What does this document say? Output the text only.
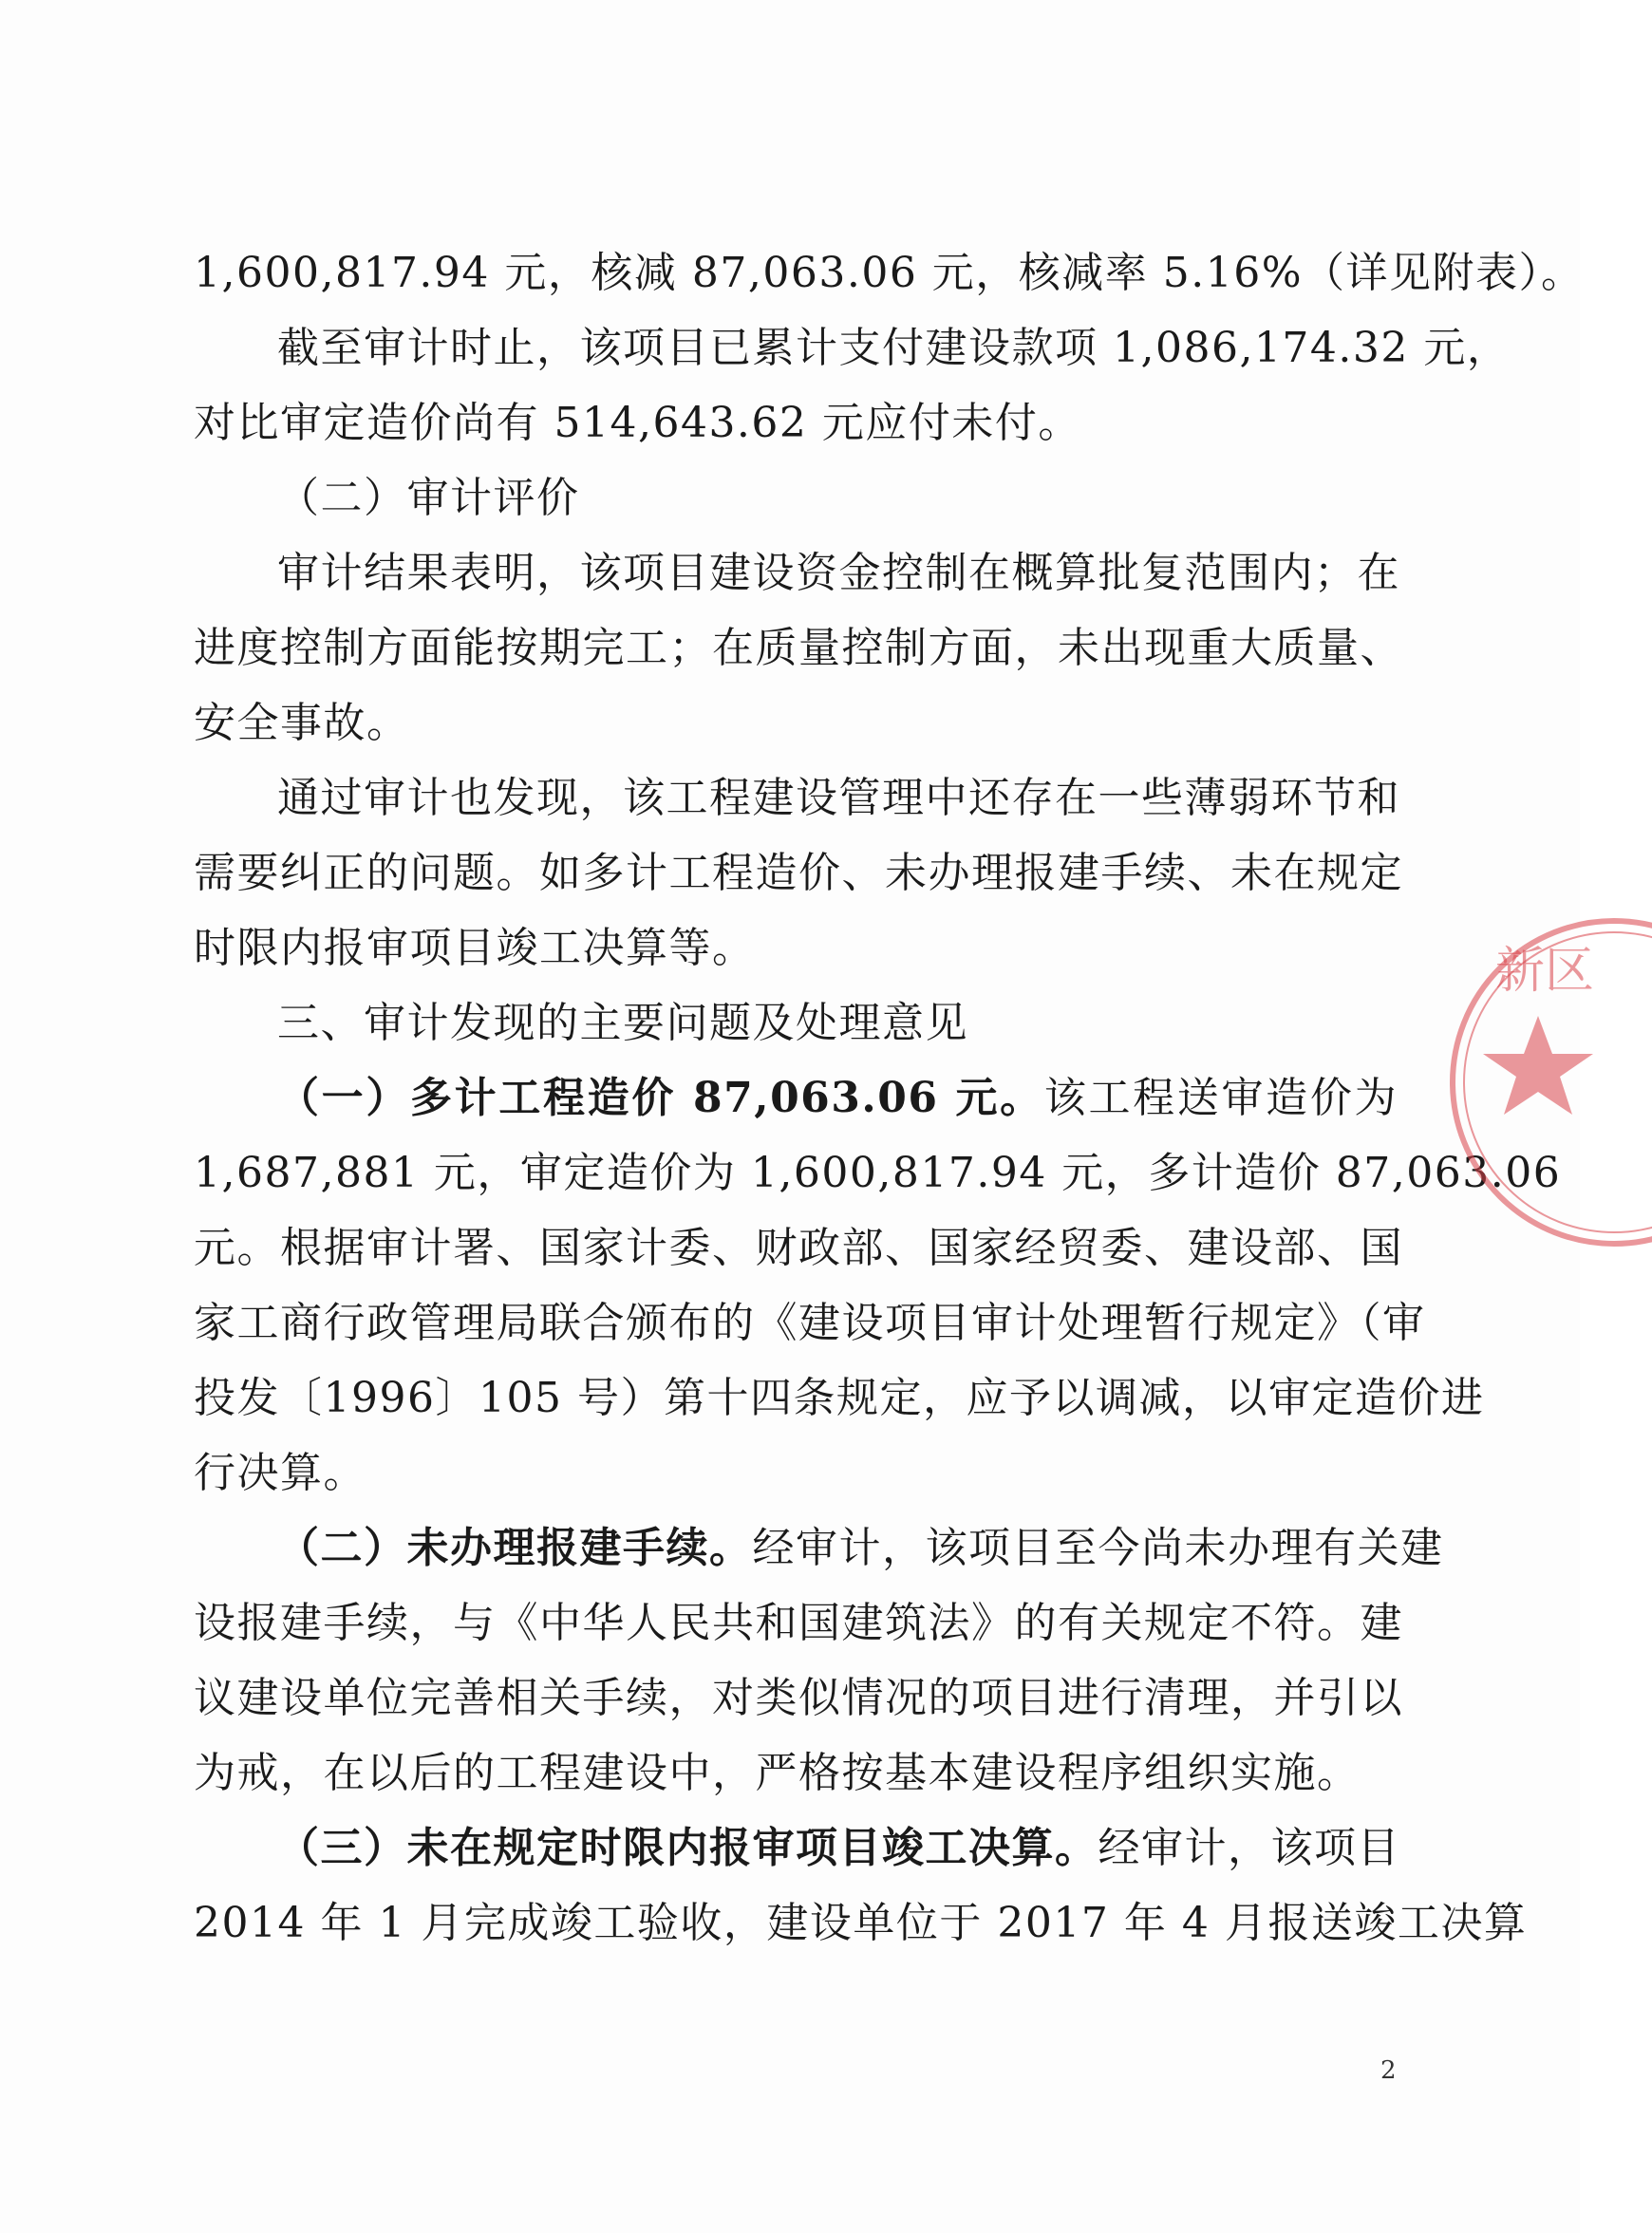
1,600,817.94 元，核减 87,063.06 元，核减率 5.16%（详见附表）。
截至审计时止，该项目已累计支付建设款项 1,086,174.32 元，
对比审定造价尚有 514,643.62 元应付未付。
（二）审计评价
审计结果表明，该项目建设资金控制在概算批复范围内；在
进度控制方面能按期完工；在质量控制方面，未出现重大质量、
安全事故。
通过审计也发现，该工程建设管理中还存在一些薄弱环节和
需要纠正的问题。如多计工程造价、未办理报建手续、未在规定
时限内报审项目竣工决算等。
三、审计发现的主要问题及处理意见
（一）多计工程造价 87,063.06 元。该工程送审造价为
1,687,881 元，审定造价为 1,600,817.94 元，多计造价 87,063.06
元。根据审计署、国家计委、财政部、国家经贸委、建设部、国
家工商行政管理局联合颁布的《建设项目审计处理暂行规定》（审
投发〔1996〕105 号）第十四条规定，应予以调减，以审定造价进
行决算。
（二）未办理报建手续。经审计，该项目至今尚未办理有关建
设报建手续，与《中华人民共和国建筑法》的有关规定不符。建
议建设单位完善相关手续，对类似情况的项目进行清理，并引以
为戒，在以后的工程建设中，严格按基本建设程序组织实施。
（三）未在规定时限内报审项目竣工决算。经审计，该项目
2014 年 1 月完成竣工验收，建设单位于 2017 年 4 月报送竣工决算
新区
2
